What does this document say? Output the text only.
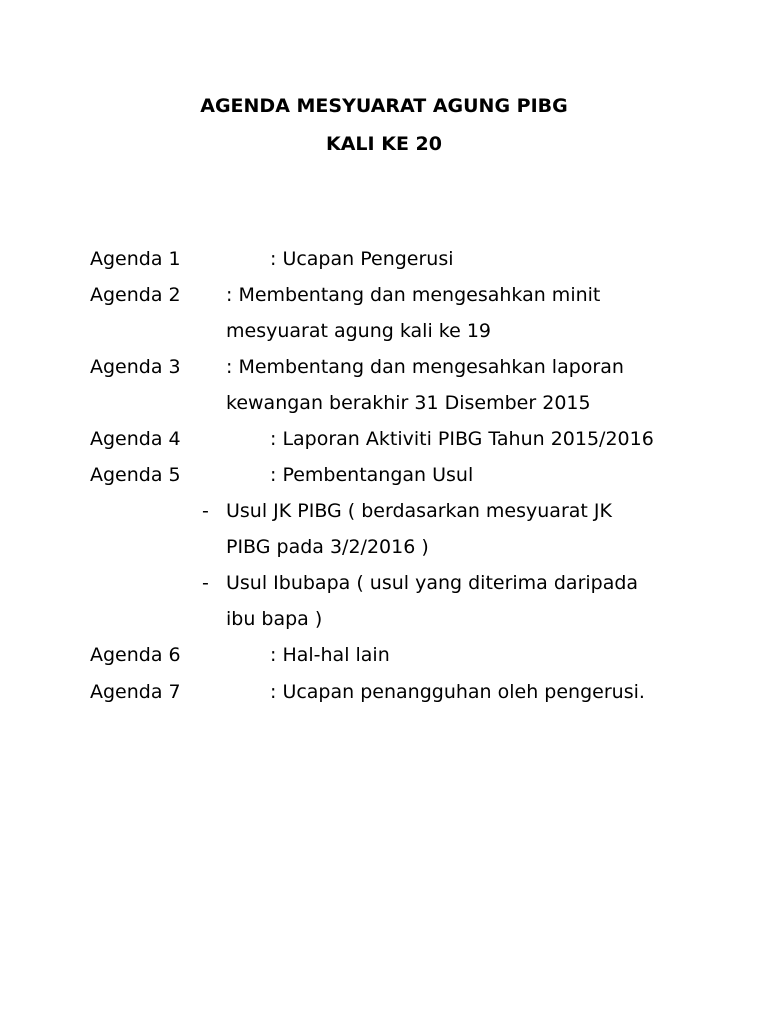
AGENDA MESYUARAT AGUNG PIBG
KALI KE 20
Agenda 1	: Ucapan Pengerusi
Agenda 2 : Membentang dan mengesahkan minit
mesyuarat agung kali ke 19
Agenda 3 : Membentang dan mengesahkan laporan
kewangan berakhir 31 Disember 2015
Agenda 4	: Laporan Aktiviti PIBG Tahun 2015/2016
Agenda 5	: Pembentangan Usul
- Usul JK PIBG ( berdasarkan mesyuarat JK
PIBG pada 3/2/2016 )
- Usul Ibubapa ( usul yang diterima daripada
ibu bapa )
Agenda 6	: Hal-hal lain
Agenda 7	: Ucapan penangguhan oleh pengerusi.
